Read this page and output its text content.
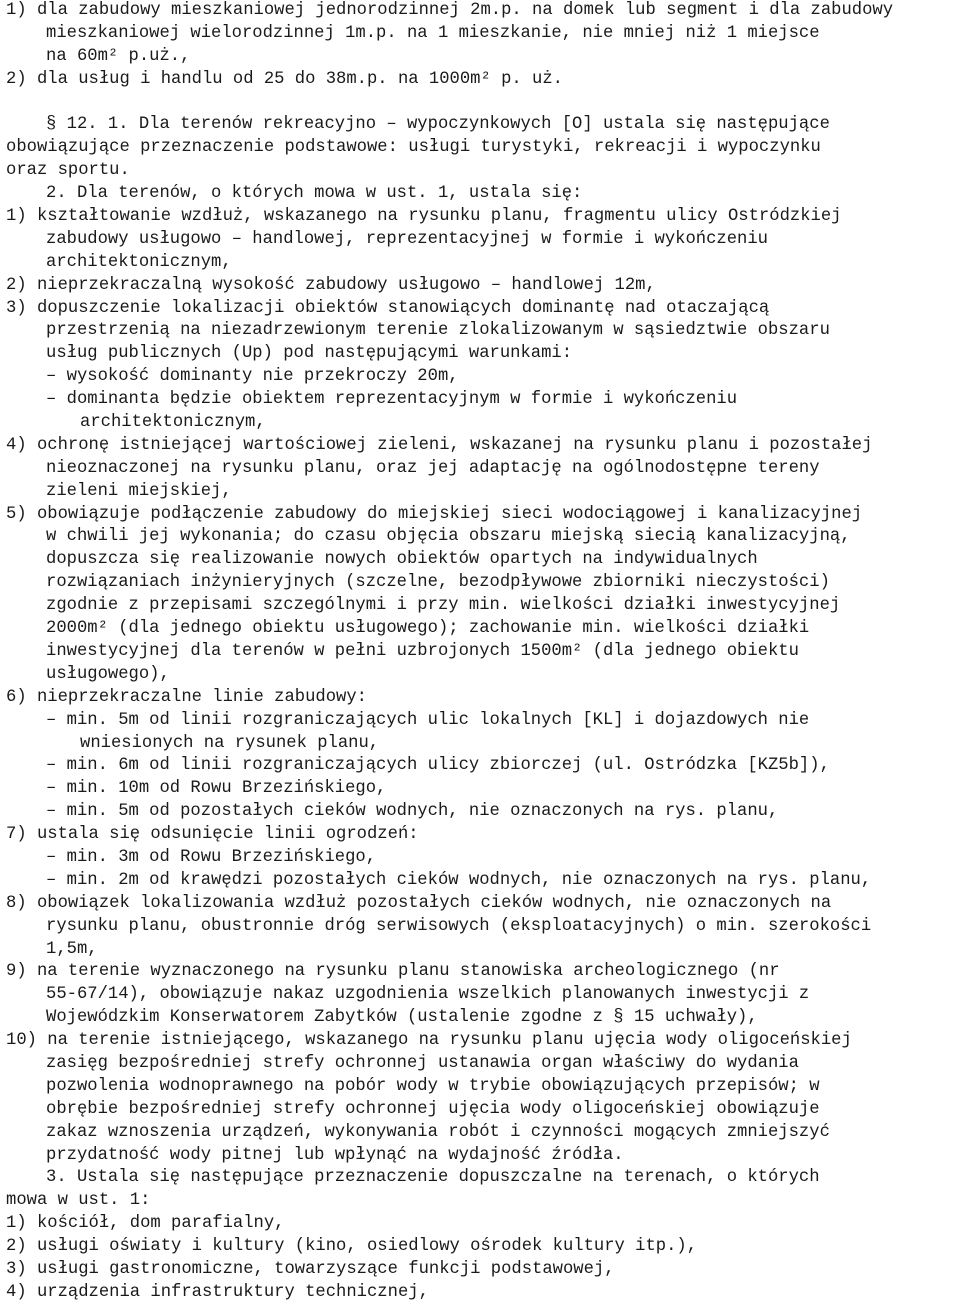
1) dla zabudowy mieszkaniowej jednorodzinnej 2m.p. na domek lub segment i dla zabudowy
mieszkaniowej wielorodzinnej 1m.p. na 1 mieszkanie, nie mniej niż 1 miejsce
na 60m² p.uż.,
2) dla usług i handlu od 25 do 38m.p. na 1000m² p. uż.
§ 12. 1. Dla terenów rekreacyjno – wypoczynkowych [O] ustala się następujące
obowiązujące przeznaczenie podstawowe: usługi turystyki, rekreacji i wypoczynku
oraz sportu.
2. Dla terenów, o których mowa w ust. 1, ustala się:
1) kształtowanie wzdłuż, wskazanego na rysunku planu, fragmentu ulicy Ostródzkiej
zabudowy usługowo – handlowej, reprezentacyjnej w formie i wykończeniu
architektonicznym,
2) nieprzekraczalną wysokość zabudowy usługowo – handlowej 12m,
3) dopuszczenie lokalizacji obiektów stanowiących dominantę nad otaczającą
przestrzenią na niezadrzewionym terenie zlokalizowanym w sąsiedztwie obszaru
usług publicznych (Up) pod następującymi warunkami:
– wysokość dominanty nie przekroczy 20m,
– dominanta będzie obiektem reprezentacyjnym w formie i wykończeniu
architektonicznym,
4) ochronę istniejącej wartościowej zieleni, wskazanej na rysunku planu i pozostałej
nieoznaczonej na rysunku planu, oraz jej adaptację na ogólnodostępne tereny
zieleni miejskiej,
5) obowiązuje podłączenie zabudowy do miejskiej sieci wodociągowej i kanalizacyjnej
w chwili jej wykonania; do czasu objęcia obszaru miejską siecią kanalizacyjną,
dopuszcza się realizowanie nowych obiektów opartych na indywidualnych
rozwiązaniach inżynieryjnych (szczelne, bezodpływowe zbiorniki nieczystości)
zgodnie z przepisami szczególnymi i przy min. wielkości działki inwestycyjnej
2000m² (dla jednego obiektu usługowego); zachowanie min. wielkości działki
inwestycyjnej dla terenów w pełni uzbrojonych 1500m² (dla jednego obiektu
usługowego),
6) nieprzekraczalne linie zabudowy:
– min. 5m od linii rozgraniczających ulic lokalnych [KL] i dojazdowych nie
wniesionych na rysunek planu,
– min. 6m od linii rozgraniczających ulicy zbiorczej (ul. Ostródzka [KZ5b]),
– min. 10m od Rowu Brzezińskiego,
– min. 5m od pozostałych cieków wodnych, nie oznaczonych na rys. planu,
7) ustala się odsunięcie linii ogrodzeń:
– min. 3m od Rowu Brzezińskiego,
– min. 2m od krawędzi pozostałych cieków wodnych, nie oznaczonych na rys. planu,
8) obowiązek lokalizowania wzdłuż pozostałych cieków wodnych, nie oznaczonych na
rysunku planu, obustronnie dróg serwisowych (eksploatacyjnych) o min. szerokości
1,5m,
9) na terenie wyznaczonego na rysunku planu stanowiska archeologicznego (nr
55-67/14), obowiązuje nakaz uzgodnienia wszelkich planowanych inwestycji z
Wojewódzkim Konserwatorem Zabytków (ustalenie zgodne z § 15 uchwały),
10) na terenie istniejącego, wskazanego na rysunku planu ujęcia wody oligoceńskiej
zasięg bezpośredniej strefy ochronnej ustanawia organ właściwy do wydania
pozwolenia wodnoprawnego na pobór wody w trybie obowiązujących przepisów; w
obrębie bezpośredniej strefy ochronnej ujęcia wody oligoceńskiej obowiązuje
zakaz wznoszenia urządzeń, wykonywania robót i czynności mogących zmniejszyć
przydatność wody pitnej lub wpłynąć na wydajność źródła.
3. Ustala się następujące przeznaczenie dopuszczalne na terenach, o których
mowa w ust. 1:
1) kościół, dom parafialny,
2) usługi oświaty i kultury (kino, osiedlowy ośrodek kultury itp.),
3) usługi gastronomiczne, towarzyszące funkcji podstawowej,
4) urządzenia infrastruktury technicznej,
